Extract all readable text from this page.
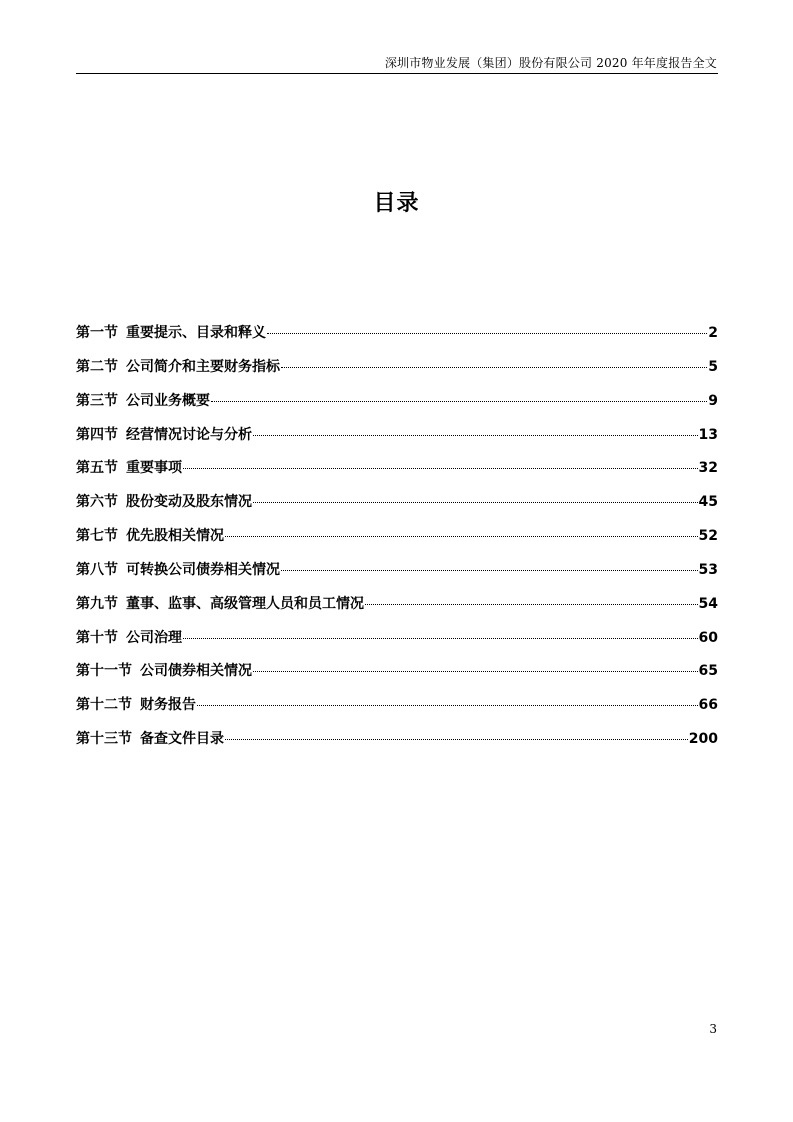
深圳市物业发展（集团）股份有限公司 2020 年年度报告全文
目录
第一节 重要提示、目录和释义	2
第二节 公司简介和主要财务指标	5
第三节 公司业务概要	9
第四节 经营情况讨论与分析	13
第五节 重要事项	32
第六节 股份变动及股东情况	45
第七节 优先股相关情况	52
第八节 可转换公司债券相关情况	53
第九节 董事、监事、高级管理人员和员工情况	54
第十节 公司治理	60
第十一节 公司债券相关情况	65
第十二节 财务报告	66
第十三节 备查文件目录	200
3
